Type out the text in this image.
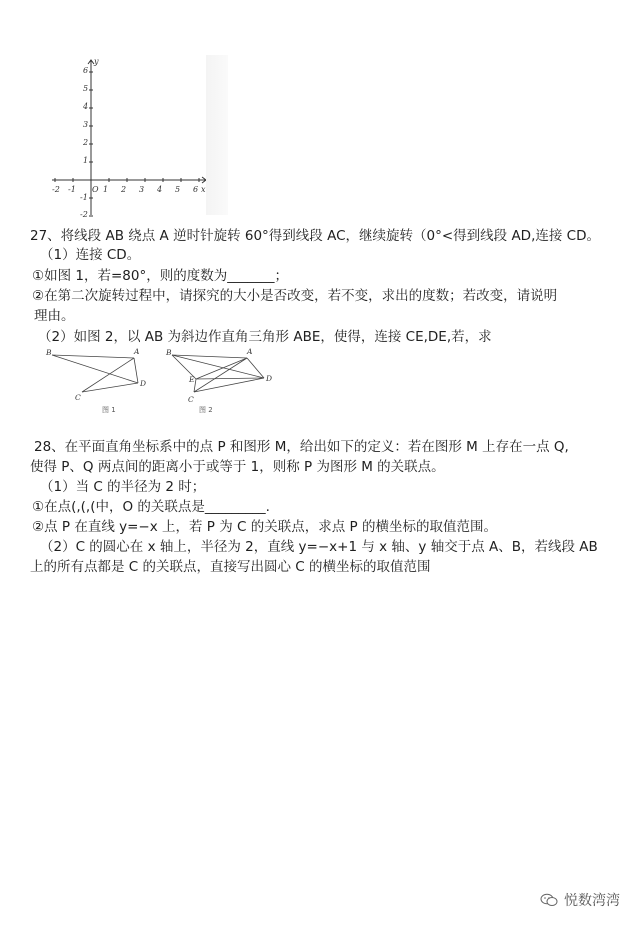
-2 -1	1 2 3 4 5 6 x
O
y
6
5
4
3
2
1
-1
-2
27、将线段 AB 绕点 A 逆时针旋转 60°得到线段 AC，继续旋转（0°<得到线段 AD,连接 CD。
（1）连接 CD。
①如图 1，若=80°，则的度数为_______；
②在第二次旋转过程中，请探究的大小是否改变，若不变，求出的度数；若改变，请说明
理由。
（2）如图 2，以 AB 为斜边作直角三角形 ABE，使得，连接 CE,DE,若，求
B	A
C
D
B	A
E
C
D
图 1	图 2
28、在平面直角坐标系中的点 P 和图形 M，给出如下的定义：若在图形 M 上存在一点 Q,
使得 P、Q 两点间的距离小于或等于 1，则称 P 为图形 M 的关联点。
（1）当 C 的半径为 2 时；
①在点(,(,(中，O 的关联点是_________.
②点 P 在直线 y=−x 上，若 P 为 C 的关联点，求点 P 的横坐标的取值范围。
（2）C 的圆心在 x 轴上，半径为 2，直线 y=−x+1 与 x 轴、y 轴交于点 A、B，若线段 AB
上的所有点都是 C 的关联点，直接写出圆心 C 的横坐标的取值范围
悦数湾湾
